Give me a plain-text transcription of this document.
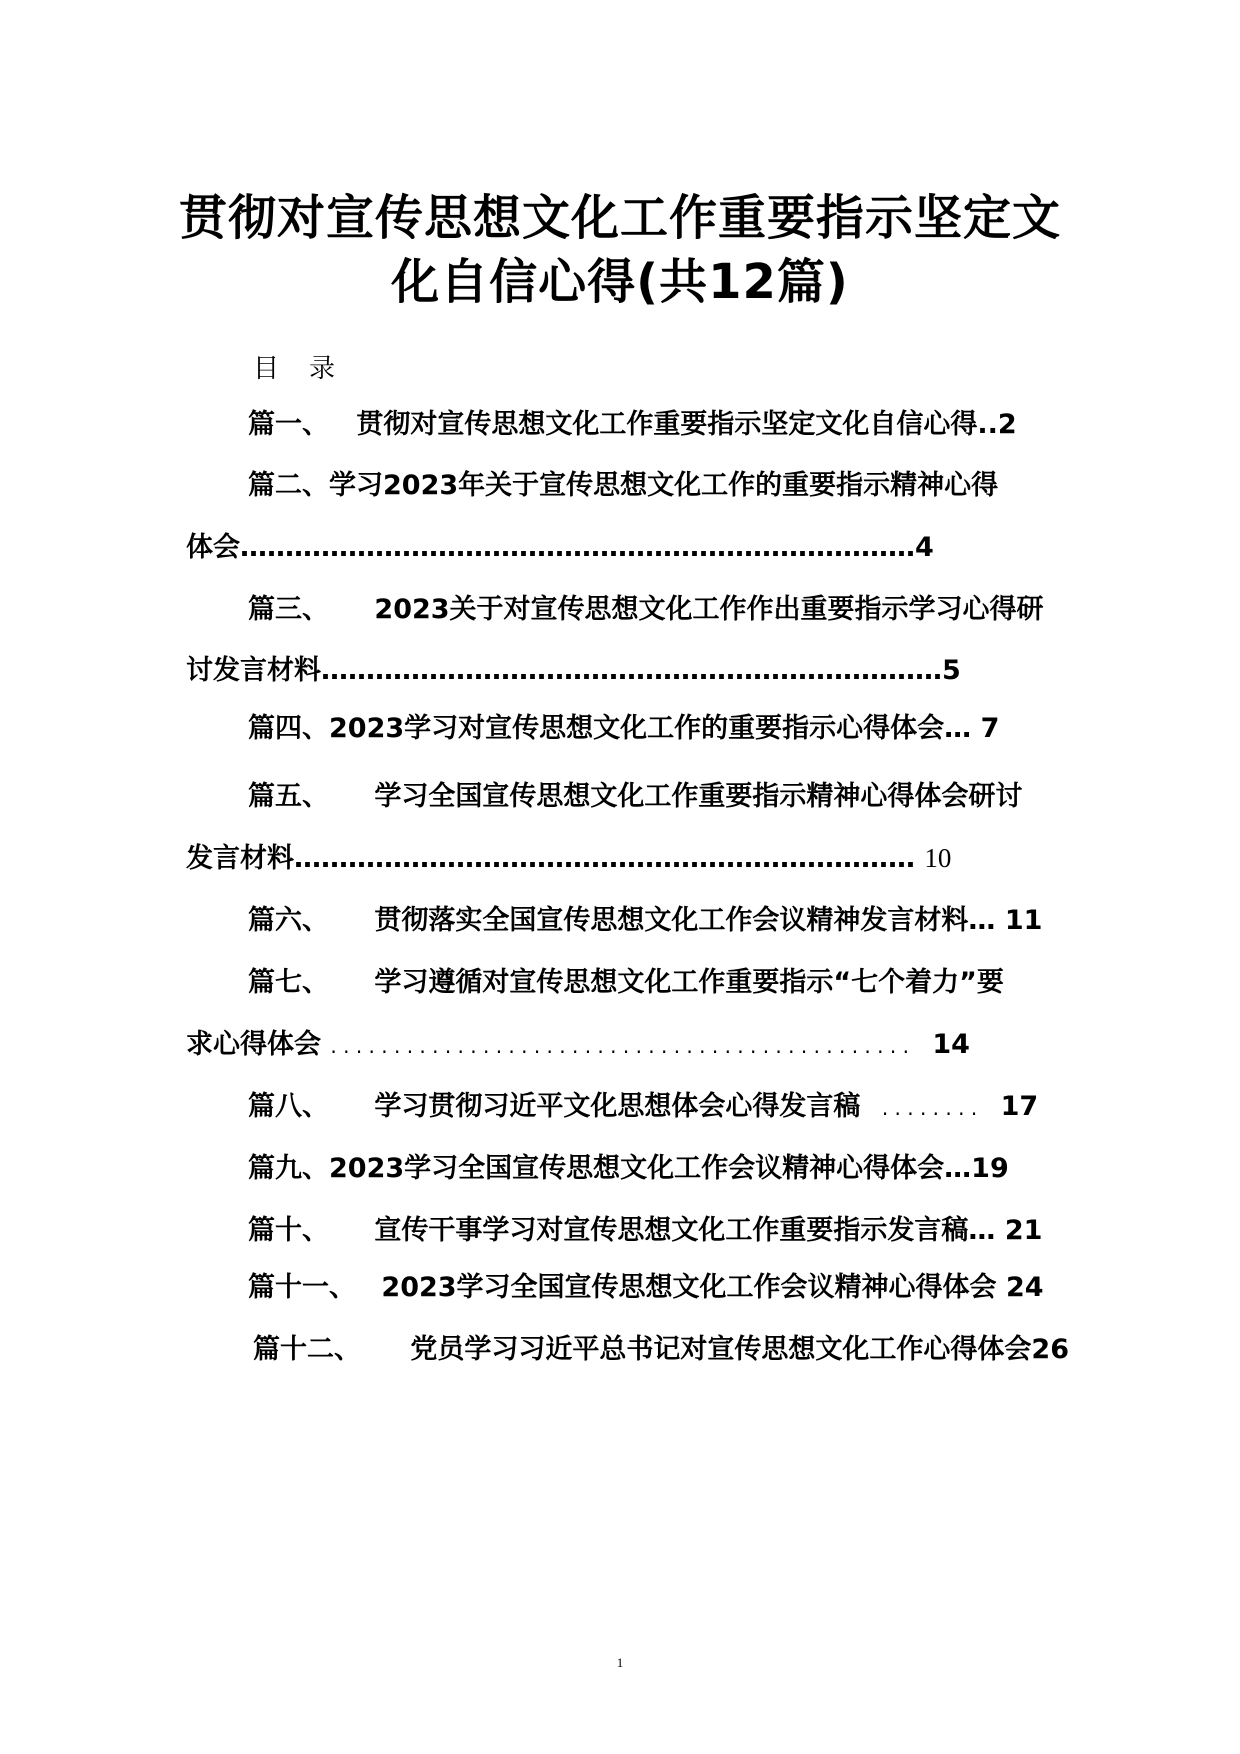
贯彻对宣传思想文化工作重要指示坚定文
化自信心得(共12篇)
目录
篇一、 贯彻对宣传思想文化工作重要指示坚定文化自信心得..2
篇二、学习2023年关于宣传思想文化工作的重要指示精神心得
体会…………………………………………………………………4
篇三、 2023关于对宣传思想文化工作作出重要指示学习心得研
讨发言材料……………………………………………………………5
篇四、2023学习对宣传思想文化工作的重要指示心得体会… 7
篇五、 学习全国宣传思想文化工作重要指示精神心得体会研讨
发言材料…………………………………………………………… 10
篇六、 贯彻落实全国宣传思想文化工作会议精神发言材料… 11
篇七、 学习遵循对宣传思想文化工作重要指示“七个着力”要
求心得体会 . . . . . . . . . . . . . . . . . . . . . . . . . . . . . . . . . . . . . . . . . . . . . . 14
篇八、 学习贯彻习近平文化思想体会心得发言稿 . . . . . . . . 17
篇九、2023学习全国宣传思想文化工作会议精神心得体会…19
篇十、 宣传干事学习对宣传思想文化工作重要指示发言稿… 21
篇十一、 2023学习全国宣传思想文化工作会议精神心得体会 24
篇十二、 党员学习习近平总书记对宣传思想文化工作心得体会26
1
